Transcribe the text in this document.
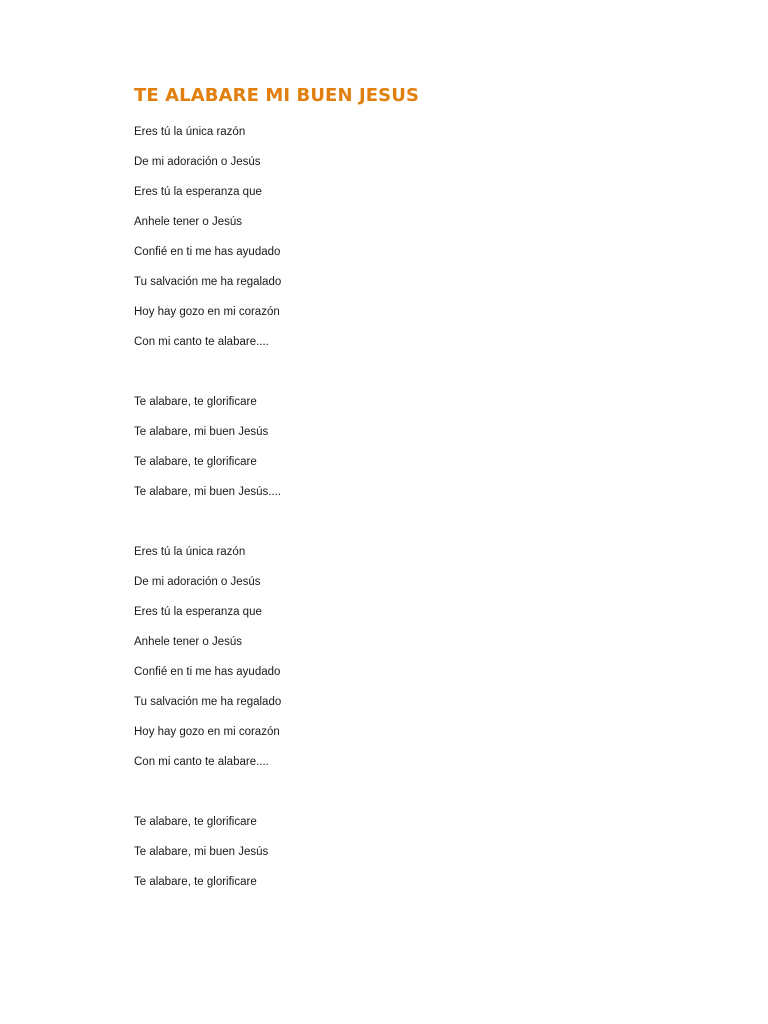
TE ALABARE MI BUEN JESUS
Eres tú la única razón
De mi adoración o Jesús
Eres tú la esperanza que
Anhele tener o Jesús
Confié en ti me has ayudado
Tu salvación me ha regalado
Hoy hay gozo en mi corazón
Con mi canto te alabare....
Te alabare, te glorificare
Te alabare, mi buen Jesús
Te alabare, te glorificare
Te alabare, mi buen Jesús....
Eres tú la única razón
De mi adoración o Jesús
Eres tú la esperanza que
Anhele tener o Jesús
Confié en ti me has ayudado
Tu salvación me ha regalado
Hoy hay gozo en mi corazón
Con mi canto te alabare....
Te alabare, te glorificare
Te alabare, mi buen Jesús
Te alabare, te glorificare
